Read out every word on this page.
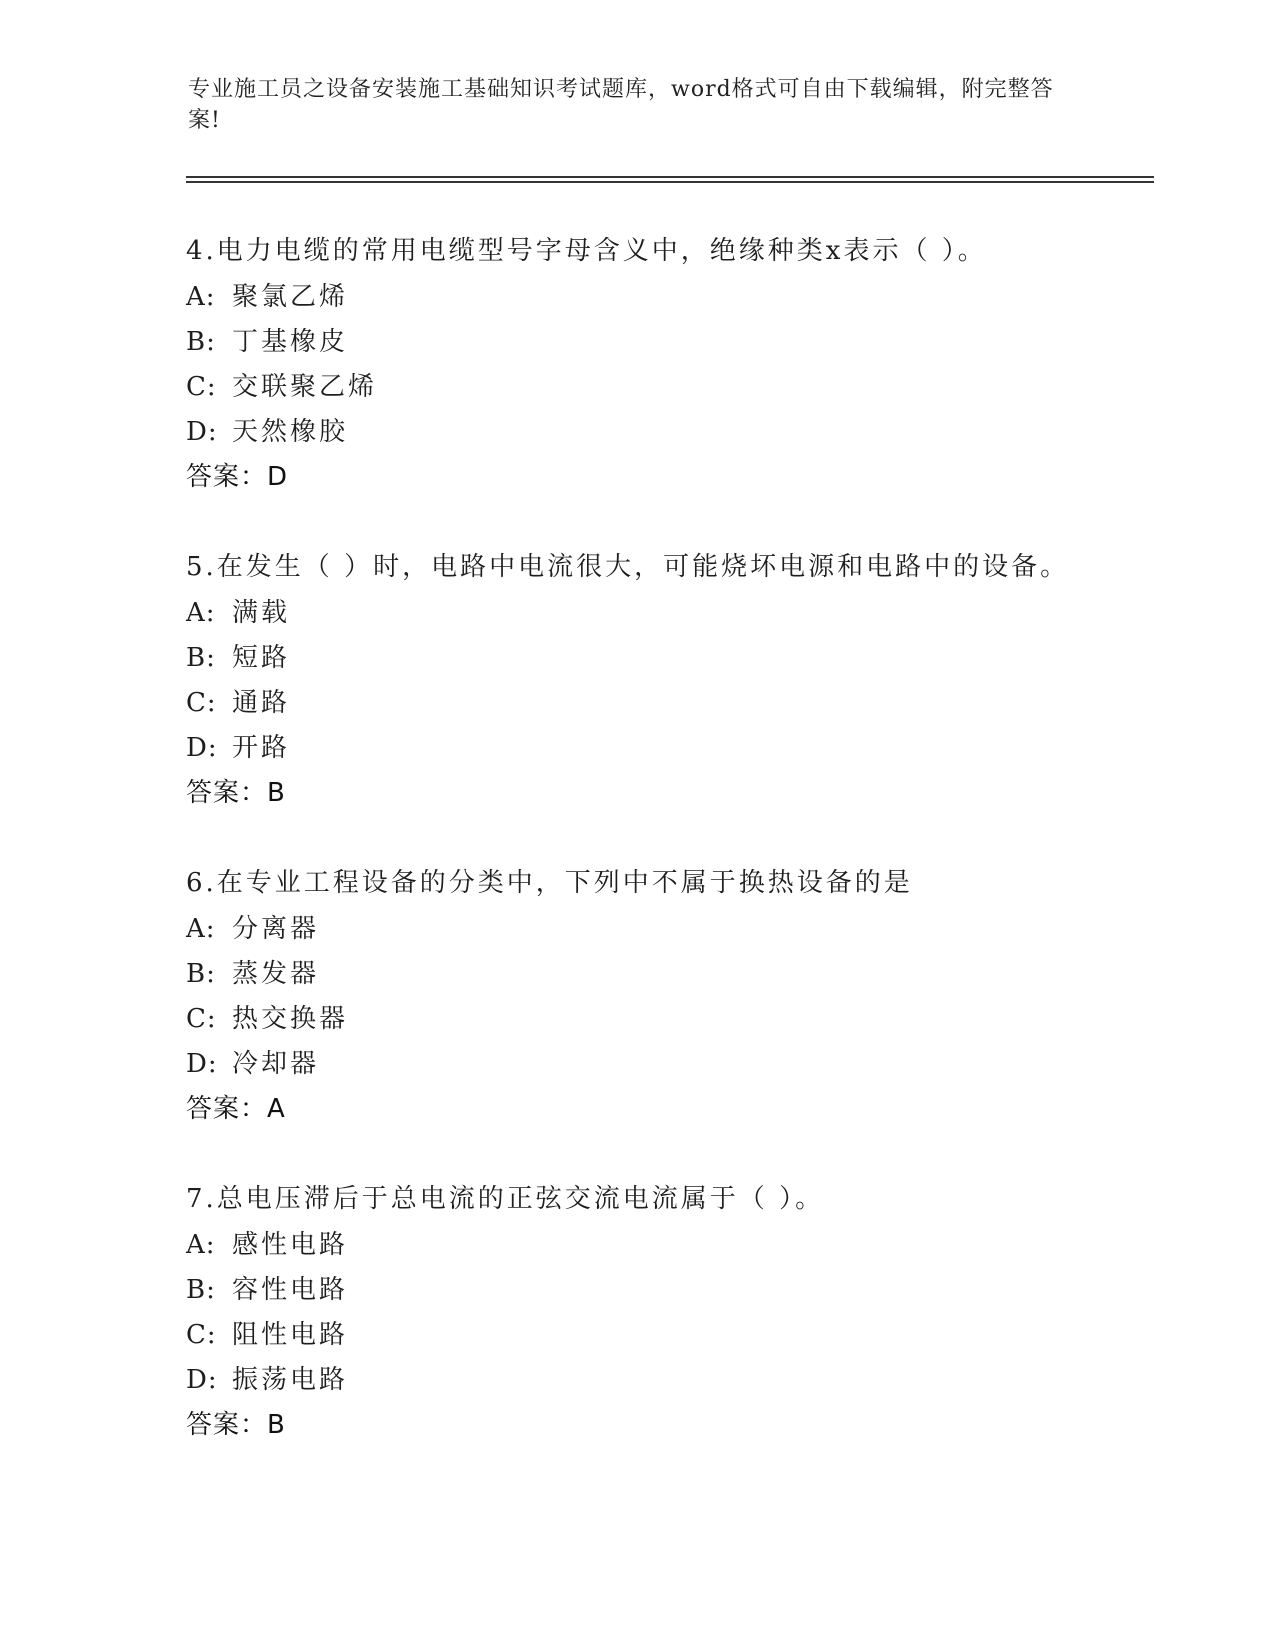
专业施工员之设备安装施工基础知识考试题库，word格式可自由下载编辑，附完整答案!

4.电力电缆的常用电缆型号字母含义中，绝缘种类x表示（ ）。

A: 聚氯乙烯
B: 丁基橡皮
C: 交联聚乙烯
D: 天然橡胶
答案：D

5.在发生（ ）时，电路中电流很大，可能烧坏电源和电路中的设备。

A: 满载
B: 短路
C: 通路
D: 开路
答案：B

6.在专业工程设备的分类中，下列中不属于换热设备的是

A: 分离器
B: 蒸发器
C: 热交换器
D: 冷却器
答案：A

7.总电压滞后于总电流的正弦交流电流属于（ ）。

A: 感性电路
B: 容性电路
C: 阻性电路
D: 振荡电路
答案：B
